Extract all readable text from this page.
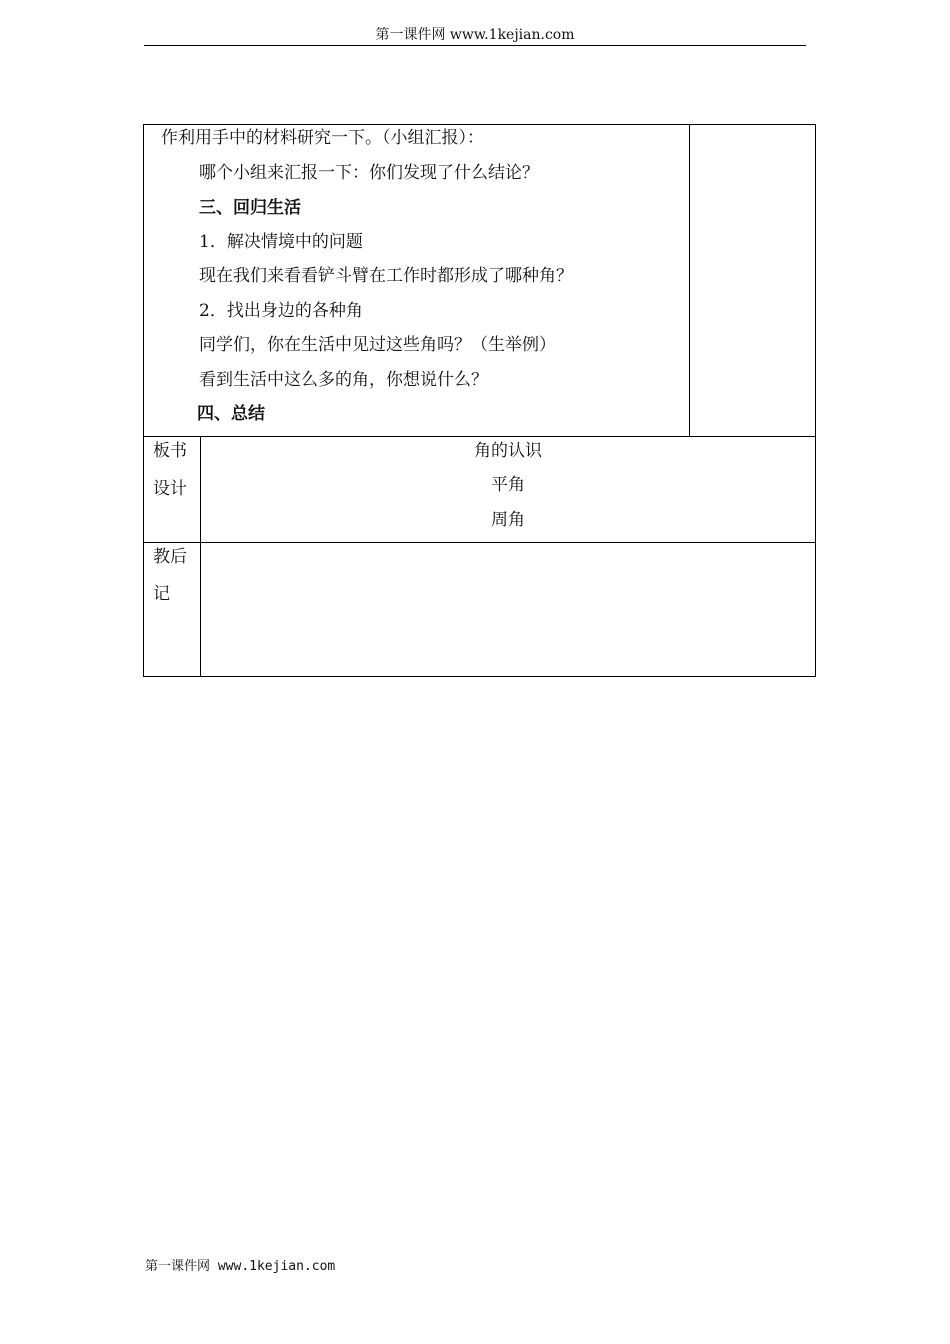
第一课件网 www.1kejian.com
作利用手中的材料研究一下。（小组汇报）：
哪个小组来汇报一下：你们发现了什么结论？
三、回归生活
1．解决情境中的问题
现在我们来看看铲斗臂在工作时都形成了哪种角？
2．找出身边的各种角
同学们，你在生活中见过这些角吗？（生举例）
看到生活中这么多的角，你想说什么？
四、总结
板书
设计
角的认识
平角
周角
教后
记
第一课件网 www.1kejian.com
